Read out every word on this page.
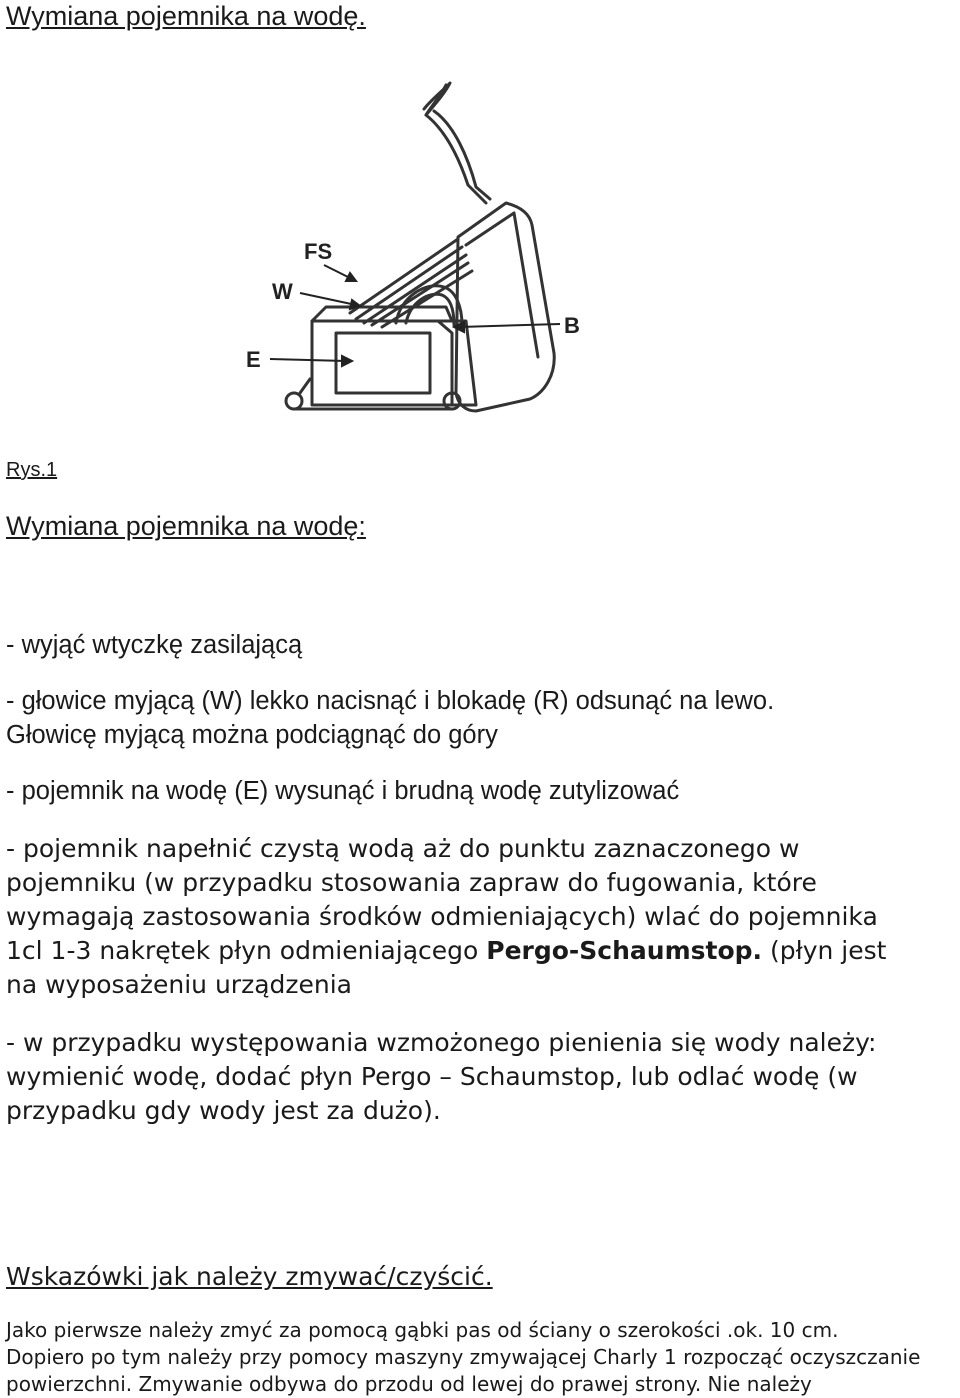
Wymiana pojemnika na wodę.
FS
W
E
B
Rys.1
Wymiana pojemnika na wodę:
- wyjąć wtyczkę zasilającą
- głowice myjącą (W) lekko nacisnąć i blokadę (R) odsunąć na lewo.
Głowicę myjącą można podciągnąć do góry
- pojemnik na wodę (E) wysunąć i brudną wodę zutylizować
- pojemnik napełnić czystą wodą aż do punktu zaznaczonego w
pojemniku (w przypadku stosowania zapraw do fugowania, które
wymagają zastosowania środków odmieniających) wlać do pojemnika
1cl 1-3 nakrętek płyn odmieniającego Pergo-Schaumstop. (płyn jest
na wyposażeniu urządzenia
- w przypadku występowania wzmożonego pienienia się wody należy:
wymienić wodę, dodać płyn Pergo – Schaumstop, lub odlać wodę (w
przypadku gdy wody jest za dużo).
Wskazówki jak należy zmywać/czyścić.
Jako pierwsze należy zmyć za pomocą gąbki pas od ściany o szerokości .ok. 10 cm.
Dopiero po tym należy przy pomocy maszyny zmywającej Charly 1 rozpocząć oczyszczanie
powierzchni. Zmywanie odbywa do przodu od lewej do prawej strony. Nie należy
